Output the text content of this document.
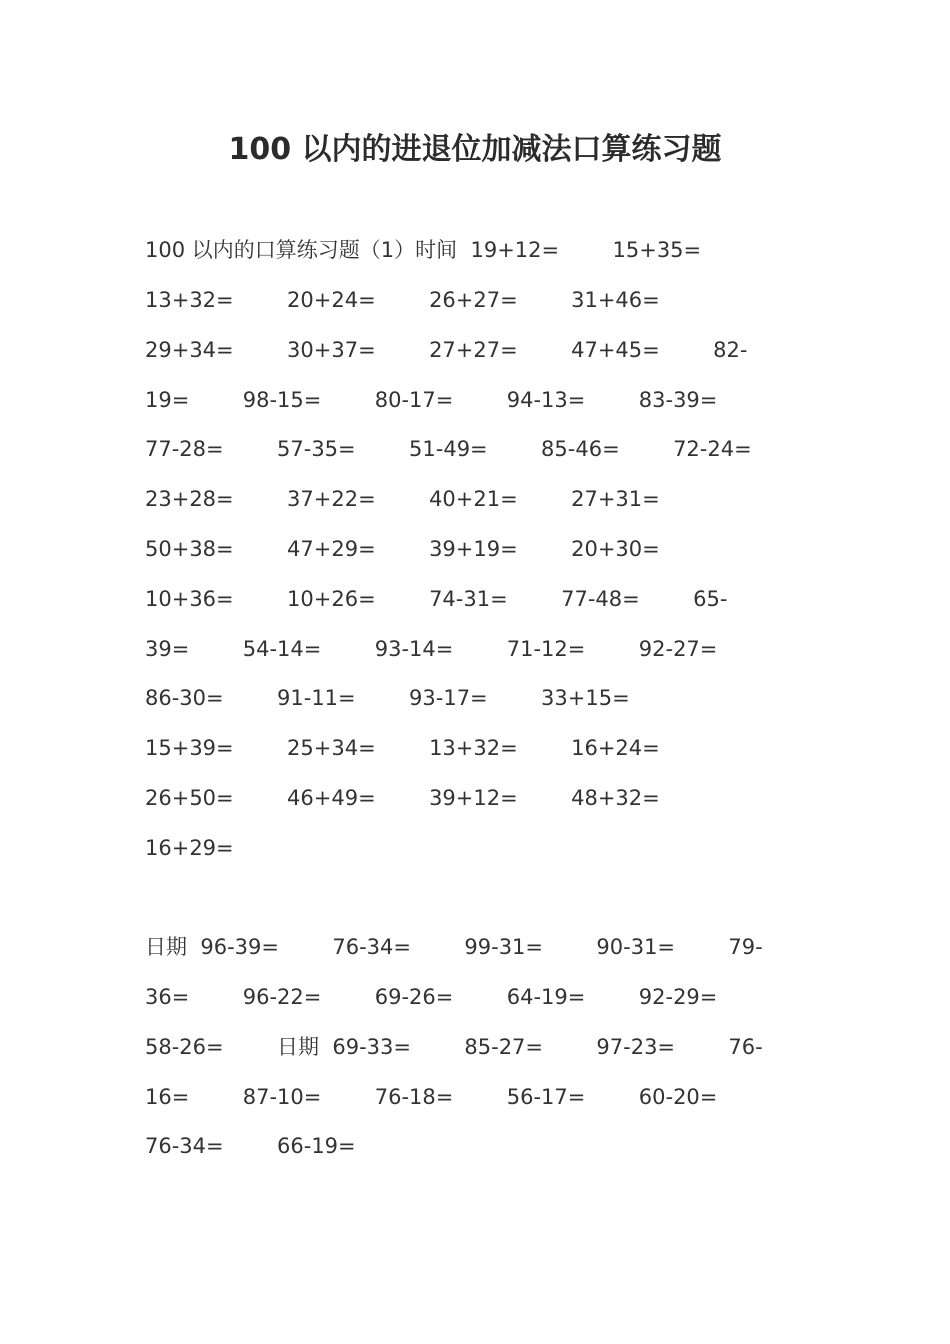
100 以内的进退位加减法口算练习题
100 以内的口算练习题（1）时间  19+12=        15+35=
13+32=        20+24=        26+27=        31+46=
29+34=        30+37=        27+27=        47+45=        82-
19=        98-15=        80-17=        94-13=        83-39=
77-28=        57-35=        51-49=        85-46=        72-24=
23+28=        37+22=        40+21=        27+31=
50+38=        47+29=        39+19=        20+30=
10+36=        10+26=        74-31=        77-48=        65-
39=        54-14=        93-14=        71-12=        92-27=
86-30=        91-11=        93-17=        33+15=
15+39=        25+34=        13+32=        16+24=
26+50=        46+49=        39+12=        48+32=
16+29=
日期  96-39=        76-34=        99-31=        90-31=        79-
36=        96-22=        69-26=        64-19=        92-29=
58-26=        日期  69-33=        85-27=        97-23=        76-
16=        87-10=        76-18=        56-17=        60-20=
76-34=        66-19=
